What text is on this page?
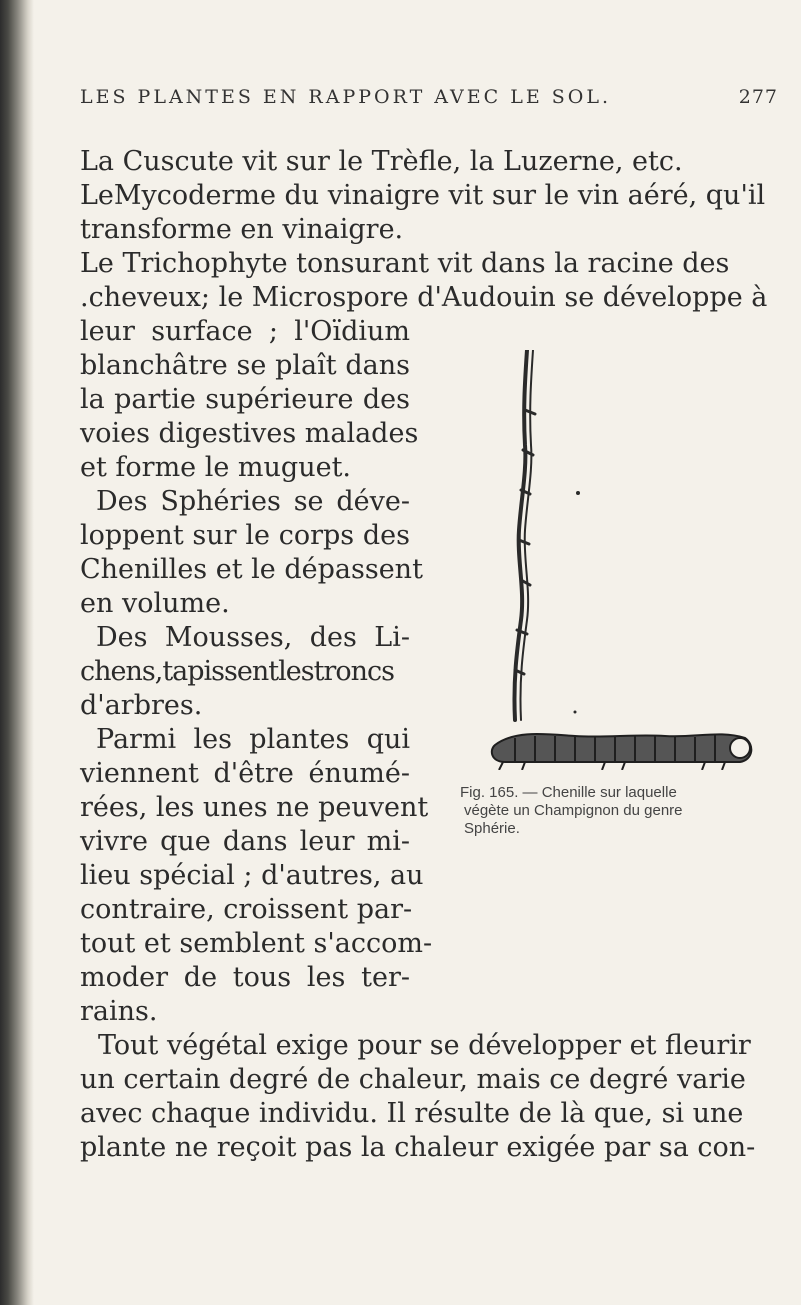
LES PLANTES EN RAPPORT AVEC LE SOL.	277
La Cuscute vit sur le Trèfle, la Luzerne, etc.
LeMycoderme du vinaigre vit sur le vin aéré, qu'il
transforme en vinaigre.
Le Trichophyte tonsurant vit dans la racine des
.cheveux; le Microspore d'Audouin se développe à
leur surface ; l'Oïdium
blanchâtre se plaît dans
la partie supérieure des
voies digestives malades
et forme le muguet.
Des Sphéries se déve-
loppent sur le corps des
Chenilles et le dépassent
en volume.
Des Mousses, des Li-
chens,tapissentlestroncs
d'arbres.
Parmi les plantes qui
viennent d'être énumé-
rées, les unes ne peuvent
vivre que dans leur mi-
lieu spécial ; d'autres, au
contraire, croissent par-
tout et semblent s'accom-
moder de tous les ter-
rains.
Fig. 165. — Chenille sur laquelle
végète un Champignon du genre
Sphérie.
Tout végétal exige pour se développer et fleurir
un certain degré de chaleur, mais ce degré varie
avec chaque individu. Il résulte de là que, si une
plante ne reçoit pas la chaleur exigée par sa con-
